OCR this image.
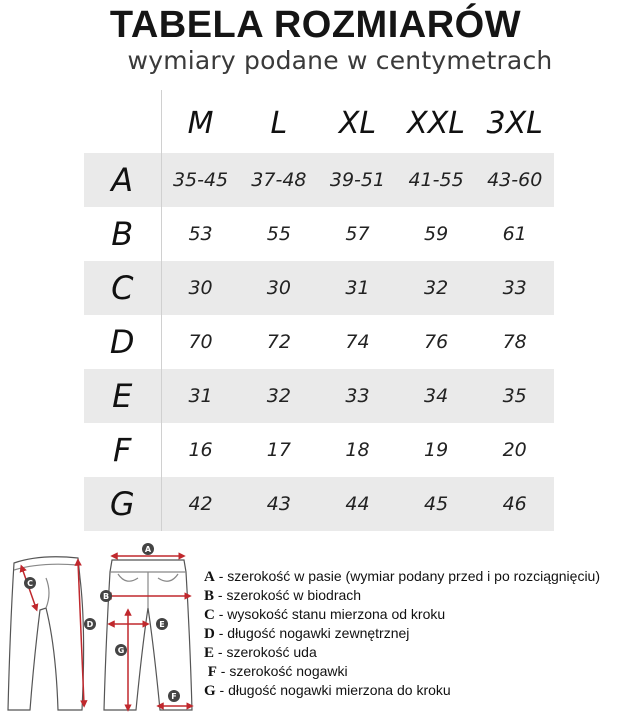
TABELA ROZMIARÓW
wymiary podane w centymetrach
	M	L	XL	XXL	3XL
A	35-45	37-48	39-51	41-55	43-60
B	53	55	57	59	61
C	30	30	31	32	33
D	70	72	74	76	78
E	31	32	33	34	35
F	16	17	18	19	20
G	42	43	44	45	46
A
B
C
D	E
F
G
A - szerokość w pasie (wymiar podany przed i po rozciągnięciu)
B - szerokość w biodrach
C - wysokość stanu mierzona od kroku
D - długość nogawki zewnętrznej
E - szerokość uda
F - szerokość nogawki
G - długość nogawki mierzona do kroku
